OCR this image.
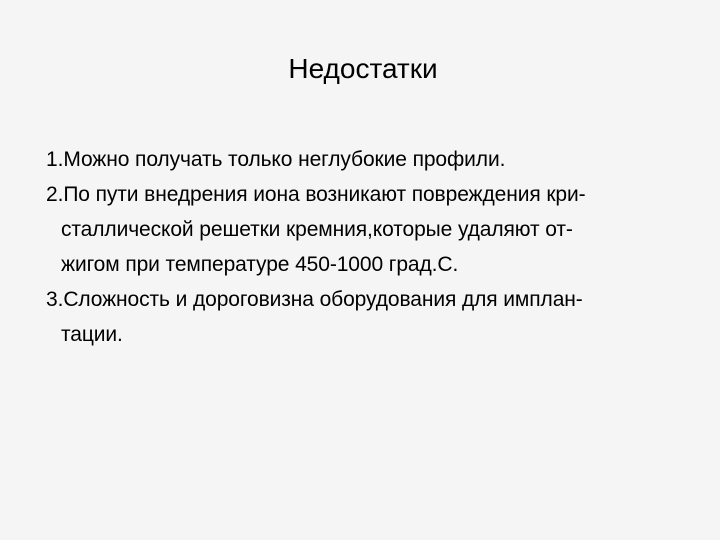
Недостатки
1.Можно получать только неглубокие профили.
2.По пути внедрения иона возникают повреждения кри-
сталлической решетки кремния,которые удаляют от-
жигом при температуре 450-1000 град.С.
3.Сложность и дороговизна оборудования для имплан-
тации.
